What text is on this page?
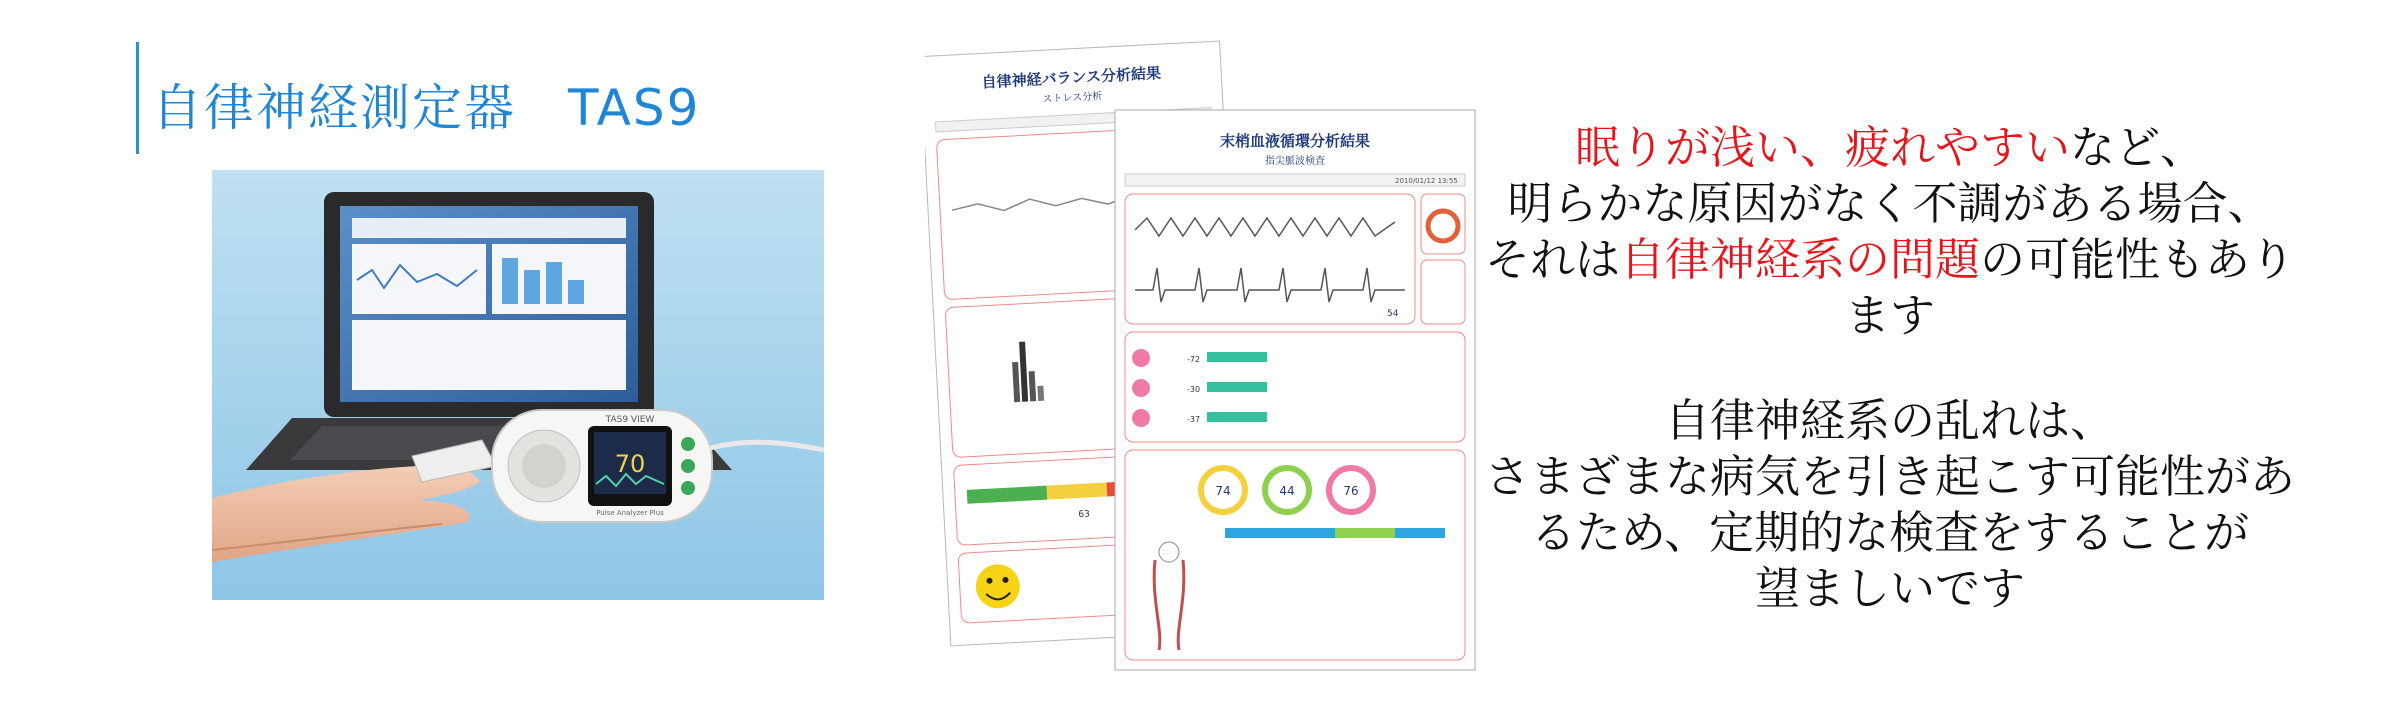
自律神経測定器　TAS9
70
TAS9 VIEW
Pulse Analyzer Plus
自律神経バランス分析結果
ストレス分析
63
末梢血液循環分析結果
指尖脈波検査
2010/01/12 13:55
54
-72
-30
-37
74	44	76
眠りが浅い、疲れやすいなど、
明らかな原因がなく不調がある場合、
それは自律神経系の問題の可能性もあり
ます
自律神経系の乱れは、
さまざまな病気を引き起こす可能性があ
るため、定期的な検査をすることが
望ましいです
